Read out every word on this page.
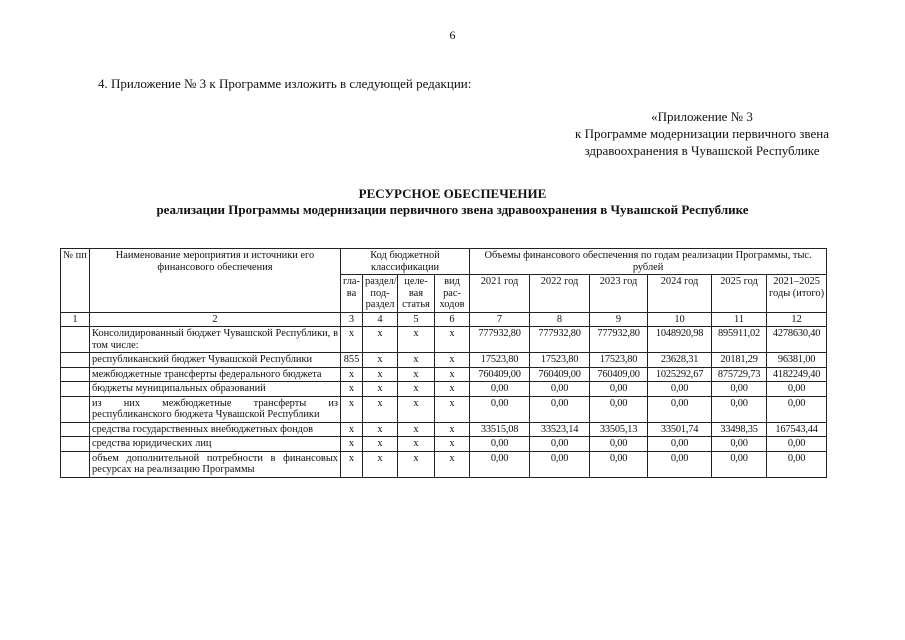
6
4. Приложение № 3 к Программе изложить в следующей редакции:
«Приложение № 3
к Программе модернизации первичного звена
здравоохранения в Чувашской Республике
РЕСУРСНОЕ ОБЕСПЕЧЕНИЕ
реализации Программы модернизации первичного звена здравоохранения в Чувашской Республике
№ пп	Наименование мероприятия и источники его финансового обеспечения	Код бюджетной классификации				Объемы финансового обеспечения по годам реализации Программы, тыс. рублей					
		гла-ва	раздел/под-раздел	целе-вая статья	вид рас-ходов	2021 год	2022 год	2023 год	2024 год	2025 год	2021–2025 годы (итого)
1	2	3	4	5	6	7	8	9	10	11	12
	Консолидированный бюджет Чувашской Республики, в том числе:	x	x	x	x	777932,80	777932,80	777932,80	1048920,98	895911,02	4278630,40
	республиканский бюджет Чувашской Республики	855	x	x	x	17523,80	17523,80	17523,80	23628,31	20181,29	96381,00
	межбюджетные трансферты федерального бюджета	x	x	x	x	760409,00	760409,00	760409,00	1025292,67	875729,73	4182249,40
	бюджеты муниципальных образований	x	x	x	x	0,00	0,00	0,00	0,00	0,00	0,00
	из них межбюджетные трансферты из республиканского бюджета Чувашской Республики	x	x	x	x	0,00	0,00	0,00	0,00	0,00	0,00
	средства государственных внебюджетных фондов	x	x	x	x	33515,08	33523,14	33505,13	33501,74	33498,35	167543,44
	средства юридических лиц	x	x	x	x	0,00	0,00	0,00	0,00	0,00	0,00
	объем дополнительной потребности в финансовых ресурсах на реализацию Программы	x	x	x	x	0,00	0,00	0,00	0,00	0,00	0,00
